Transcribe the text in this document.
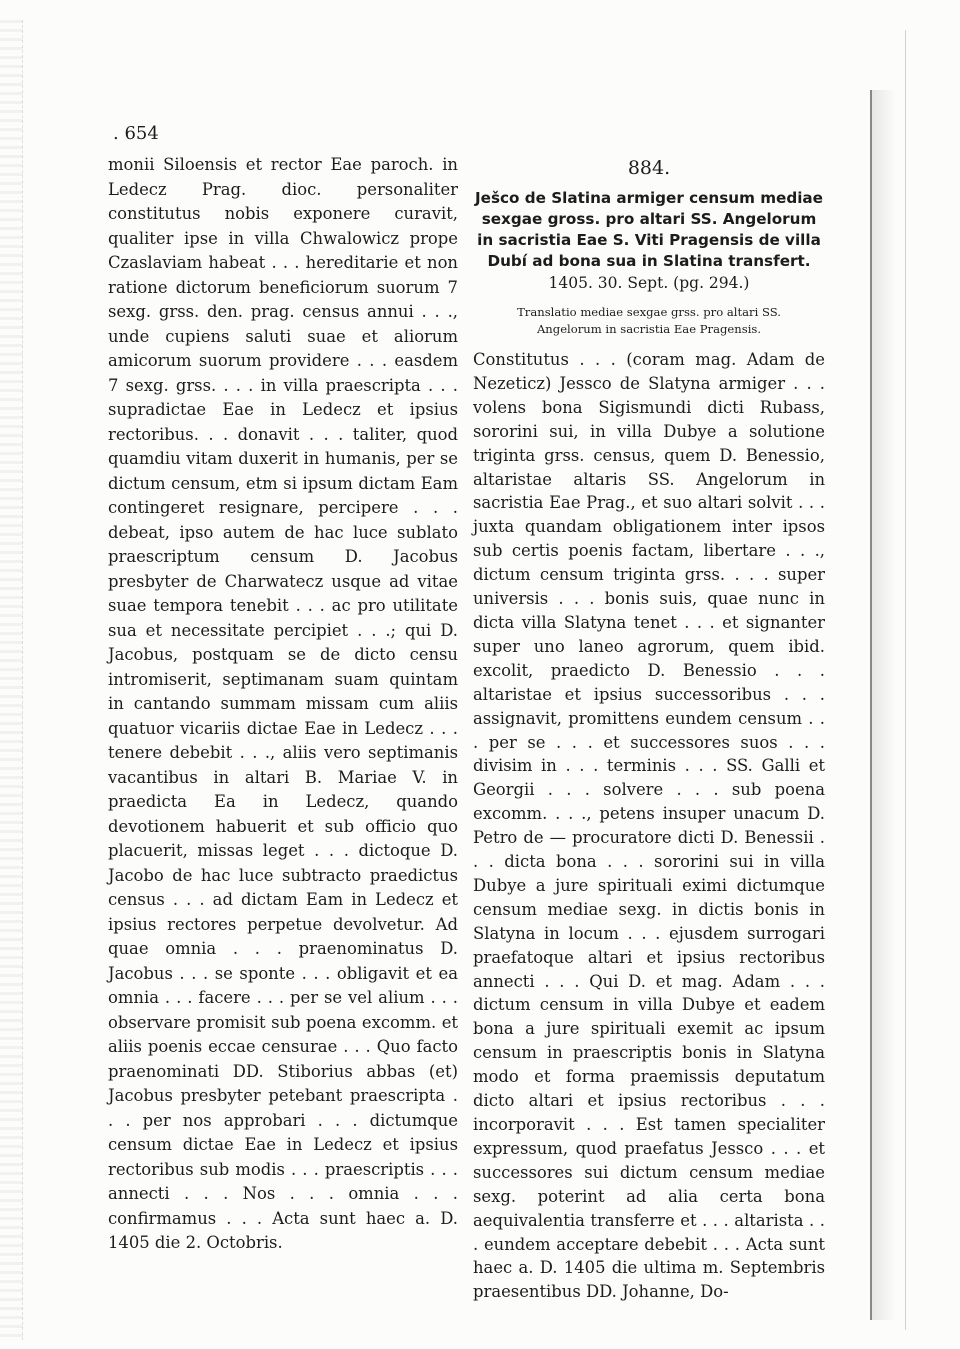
. 654

monii Siloensis et rector Eae paroch. in Ledecz Prag. dioc. personaliter constitutus nobis exponere curavit, qualiter ipse in villa Chwalowicz prope Czaslaviam habeat . . . hereditarie et non ratione dictorum beneficiorum suorum 7 sexg. grss. den. prag. census annui . . ., unde cupiens saluti suae et aliorum amicorum suorum providere . . . easdem 7 sexg. grss. . . . in villa praescripta . . . supradictae Eae in Ledecz et ipsius rectoribus. . . donavit . . . taliter, quod quamdiu vitam duxerit in humanis, per se dictum censum, etm si ipsum dictam Eam contingeret resignare, percipere . . . debeat, ipso autem de hac luce sublato praescriptum censum D. Jacobus presbyter de Charwatecz usque ad vitae suae tempora tenebit . . . ac pro utilitate sua et necessitate percipiet . . .; qui D. Jacobus, postquam se de dicto censu intromiserit, septimanam suam quintam in cantando summam missam cum aliis quatuor vicariis dictae Eae in Ledecz . . . tenere debebit . . ., aliis vero septimanis vacantibus in altari B. Mariae V. in praedicta Ea in Ledecz, quando devotionem habuerit et sub officio quo placuerit, missas leget . . . dictoque D. Jacobo de hac luce subtracto praedictus census . . . ad dictam Eam in Ledecz et ipsius rectores perpetue devolvetur. Ad quae omnia . . . praenominatus D. Jacobus . . . se sponte . . . obligavit et ea omnia . . . facere . . . per se vel alium . . . observare promisit sub poena excomm. et aliis poenis eccae censurae . . . Quo facto praenominati DD. Stiborius abbas (et) Jacobus presbyter petebant praescripta . . . per nos approbari . . . dictumque censum dictae Eae in Ledecz et ipsius rectoribus sub modis . . . praescriptis . . . annecti . . . Nos . . . omnia . . . confirmamus . . . Acta sunt haec a. D. 1405 die 2. Octobris.

884.

Ješco de Slatina armiger censum mediae sexgae gross. pro altari SS. Angelorum in sacristia Eae S. Viti Pragensis de villa Dubí ad bona sua in Slatina transfert.

1405. 30. Sept. (pg. 294.)

Translatio mediae sexgae grss. pro altari SS. Angelorum in sacristia Eae Pragensis.

Constitutus . . . (coram mag. Adam de Nezeticz) Jessco de Slatyna armiger . . . volens bona Sigismundi dicti Rubass, sororini sui, in villa Dubye a solutione triginta grss. census, quem D. Benessio, altaristae altaris SS. Angelorum in sacristia Eae Prag., et suo altari solvit . . . juxta quandam obligationem inter ipsos sub certis poenis factam, libertare . . ., dictum censum triginta grss. . . . super universis . . . bonis suis, quae nunc in dicta villa Slatyna tenet . . . et signanter super uno laneo agrorum, quem ibid. excolit, praedicto D. Benessio . . . altaristae et ipsius successoribus . . . assignavit, promittens eundem censum . . . per se . . . et successores suos . . . divisim in . . . terminis . . . SS. Galli et Georgii . . . solvere . . . sub poena excomm. . . ., petens insuper unacum D. Petro de — procuratore dicti D. Benessii . . . dicta bona . . . sororini sui in villa Dubye a jure spirituali eximi dictumque censum mediae sexg. in dictis bonis in Slatyna in locum . . . ejusdem surrogari praefatoque altari et ipsius rectoribus annecti . . . Qui D. et mag. Adam . . . dictum censum in villa Dubye et eadem bona a jure spirituali exemit ac ipsum censum in praescriptis bonis in Slatyna modo et forma praemissis deputatum dicto altari et ipsius rectoribus . . . incorporavit . . . Est tamen specialiter expressum, quod praefatus Jessco . . . et successores sui dictum censum mediae sexg. poterint ad alia certa bona aequivalentia transferre et . . . altarista . . . eundem acceptare debebit . . . Acta sunt haec a. D. 1405 die ultima m. Septembris praesentibus DD. Johanne, Do-
